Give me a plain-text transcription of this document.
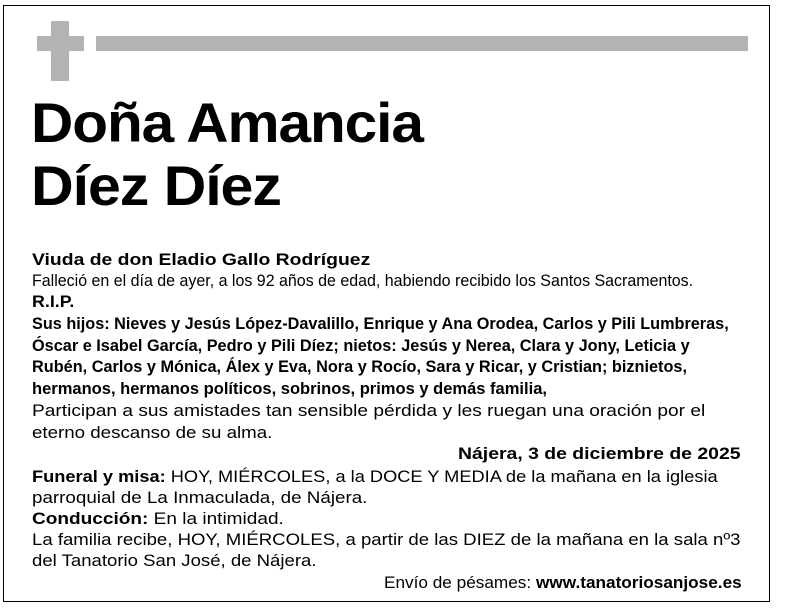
Doña Amancia
Díez Díez
Viuda de don Eladio Gallo Rodríguez
Falleció en el día de ayer, a los 92 años de edad, habiendo recibido los Santos Sacramentos.
R.I.P.
Sus hijos: Nieves y Jesús López-Davalillo, Enrique y Ana Orodea, Carlos y Pili Lumbreras,
Óscar e Isabel García, Pedro y Pili Díez; nietos: Jesús y Nerea, Clara y Jony, Leticia y
Rubén, Carlos y Mónica, Álex y Eva, Nora y Rocío, Sara y Ricar, y Cristian; biznietos,
hermanos, hermanos políticos, sobrinos, primos y demás familia,
Participan a sus amistades tan sensible pérdida y les ruegan una oración por el
eterno descanso de su alma.
Nájera, 3 de diciembre de 2025
Funeral y misa: HOY, MIÉRCOLES, a la DOCE Y MEDIA de la mañana en la iglesia
parroquial de La Inmaculada, de Nájera.
Conducción: En la intimidad.
La familia recibe, HOY, MIÉRCOLES, a partir de las DIEZ de la mañana en la sala nº3
del Tanatorio San José, de Nájera.
Envío de pésames: www.tanatoriosanjose.es
